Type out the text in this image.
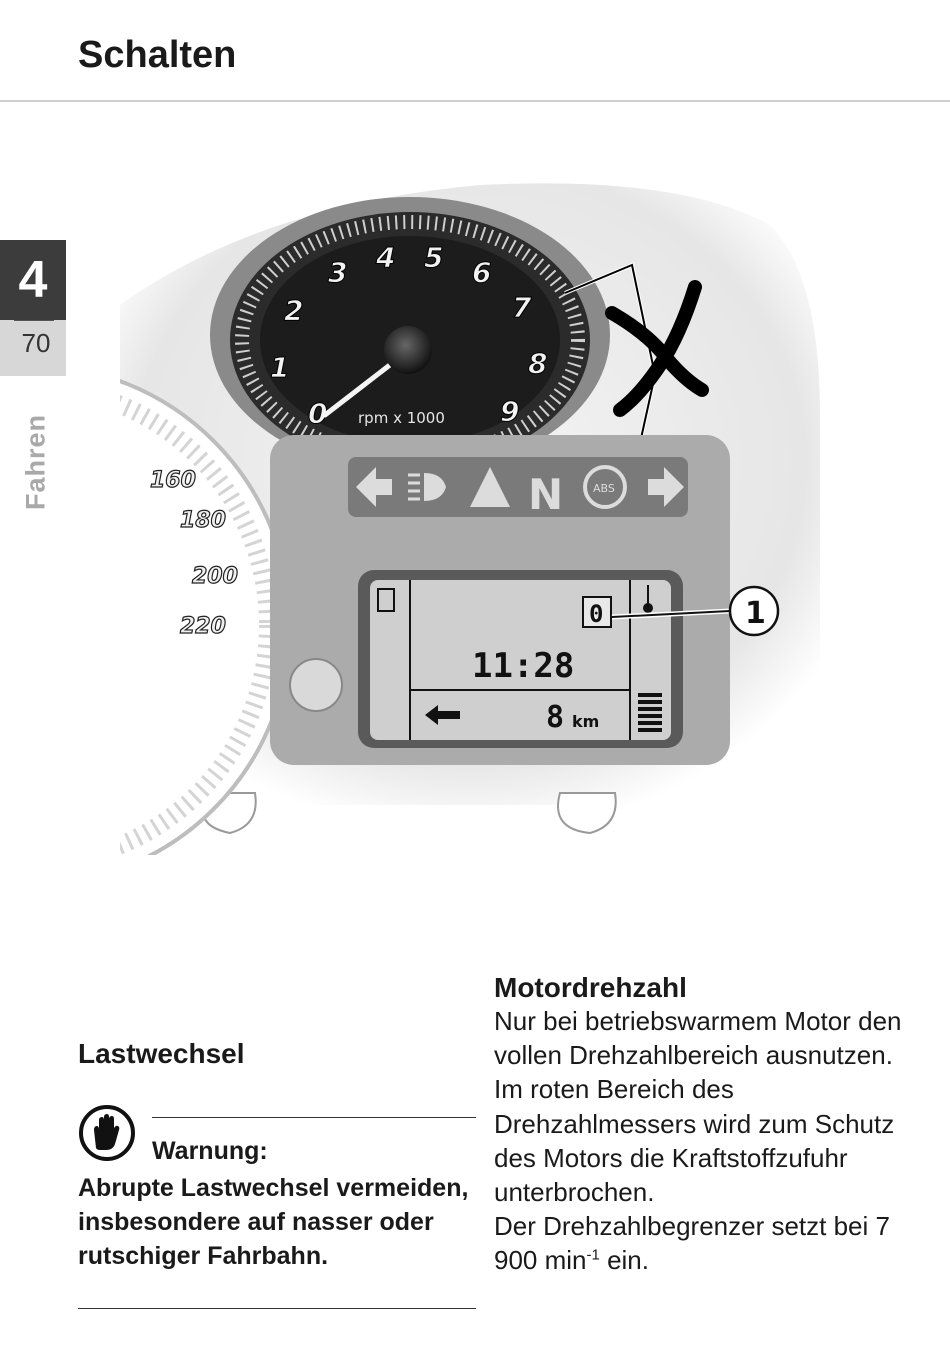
Schalten
4
70
Fahren	160
180
200
220
0
1
2
3 4 5 6
7
8
9
rpm x 1000
N	ABS
0
11:28
8 km
1
Lastwechsel
Warnung:
Abrupte Lastwechsel vermeiden, insbesondere auf nasser oder rutschiger Fahrbahn.
Motordrehzahl

Nur bei betriebswarmem Motor den vollen Drehzahlbereich ausnutzen.

Im roten Bereich des Drehzahlmessers wird zum Schutz des Motors die Kraftstoffzufuhr unterbrochen.

Der Drehzahlbegrenzer setzt bei 7 900 $\min^{-1}$ ein.
